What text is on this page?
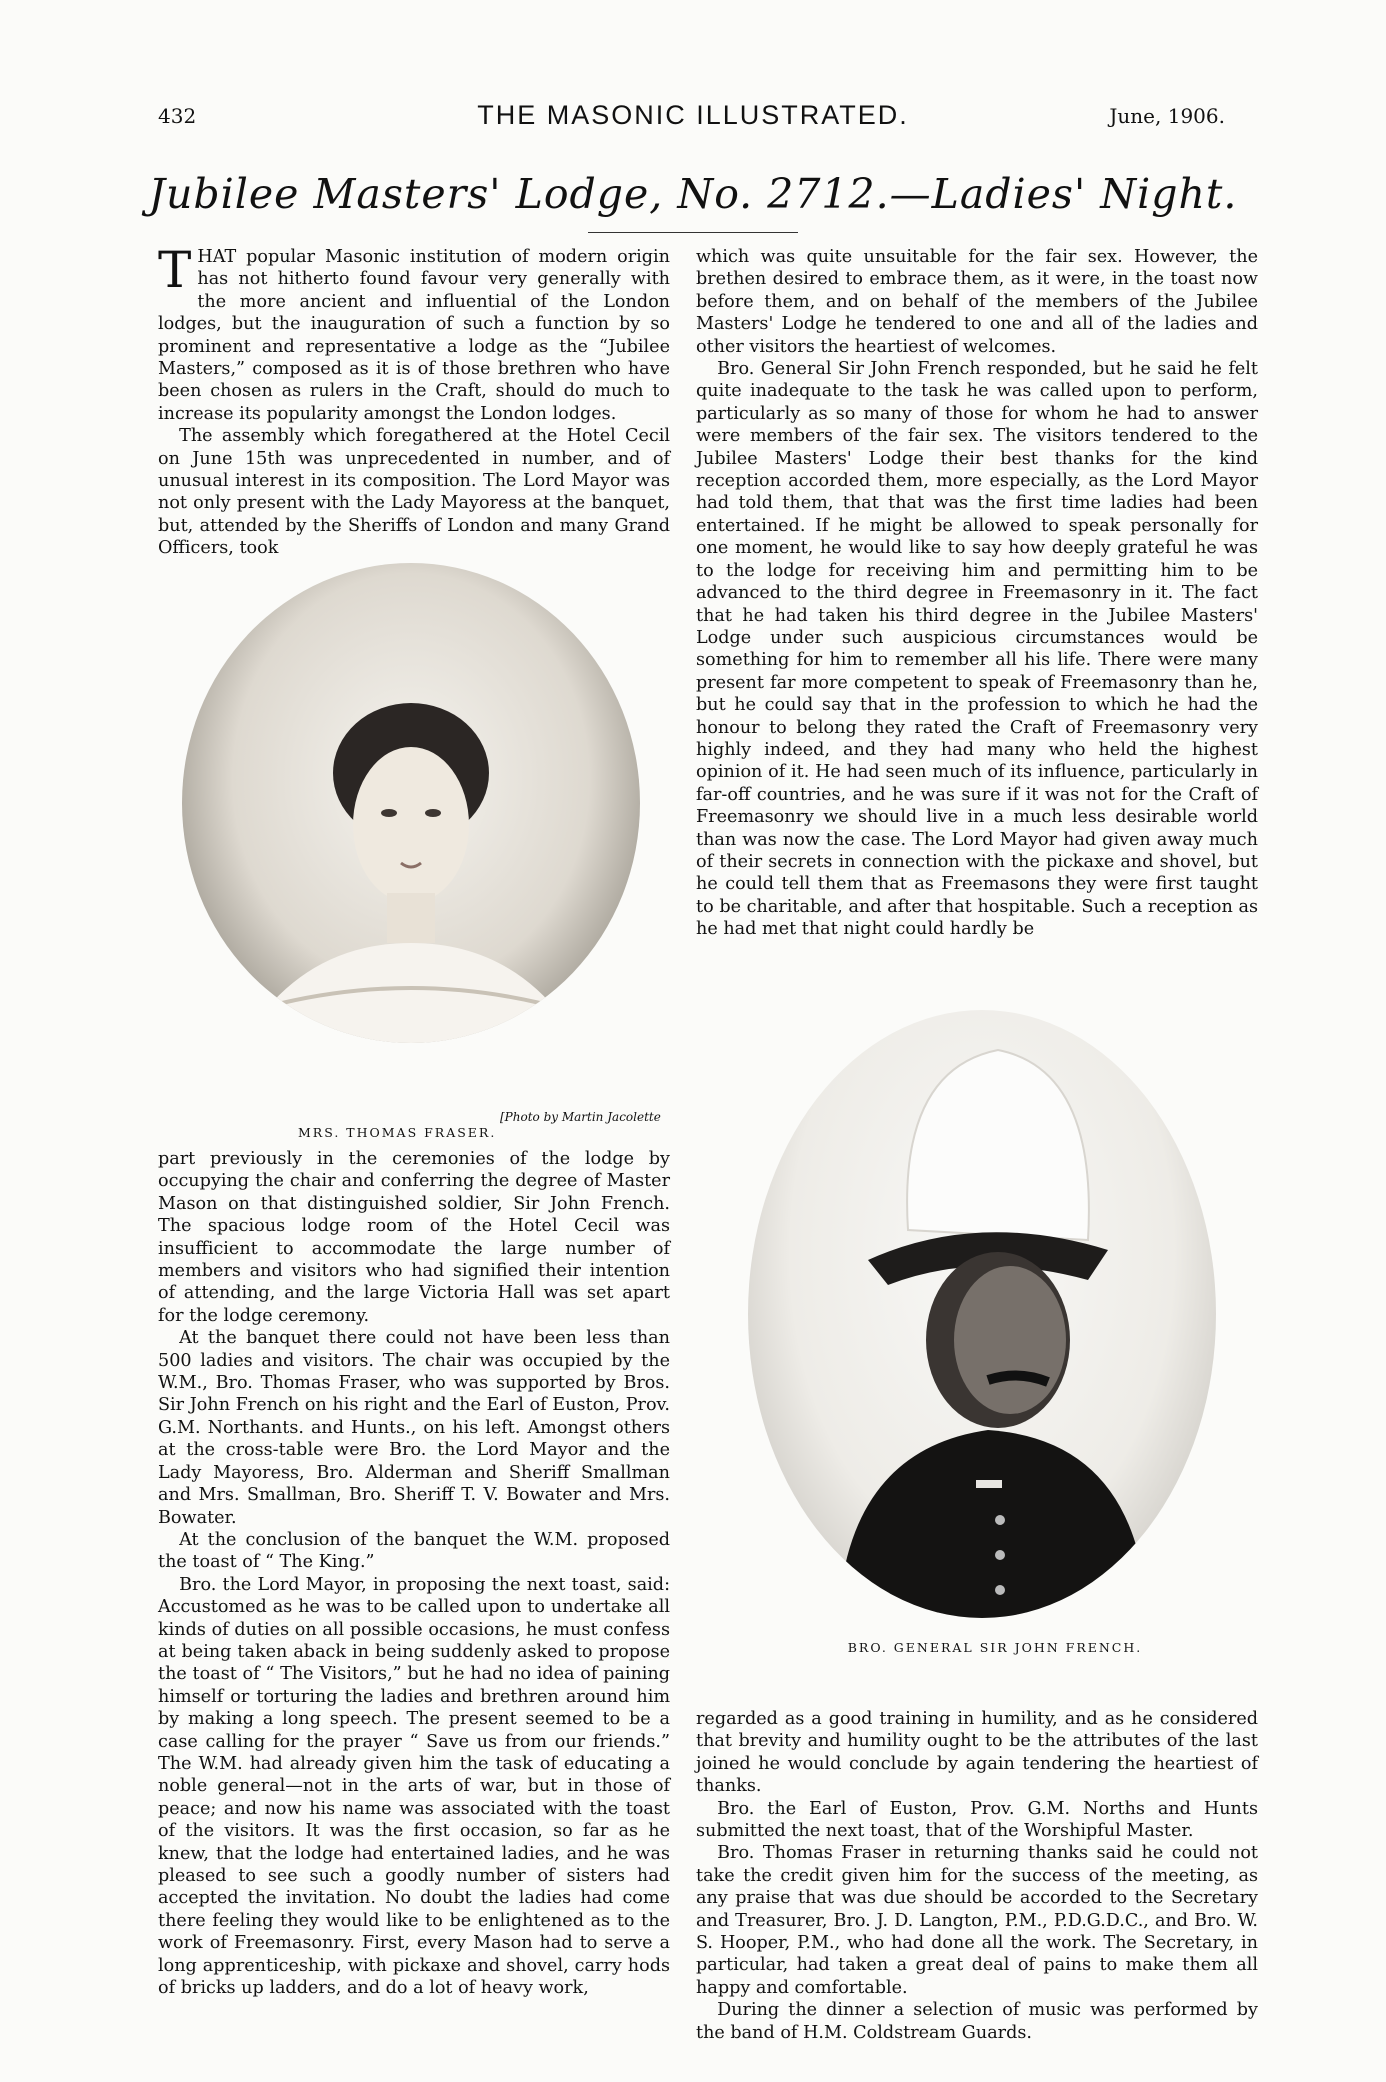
432	THE MASONIC ILLUSTRATED.	June, 1906.
Jubilee Masters' Lodge, No. 2712.—Ladies' Night.

THAT popular Masonic institution of modern origin has not hitherto found favour very generally with the more ancient and influential of the London lodges, but the inauguration of such a function by so prominent and representative a lodge as the “Jubilee Masters,” composed as it is of those brethren who have been chosen as rulers in the Craft, should do much to increase its popularity amongst the London lodges.

The assembly which foregathered at the Hotel Cecil on June 15th was unprecedented in number, and of unusual interest in its composition. The Lord Mayor was not only present with the Lady Mayoress at the banquet, but, attended by the Sheriffs of London and many Grand Officers, took

MRS. THOMAS FRASER.
[Photo by Martin Jacolette

part previously in the ceremonies of the lodge by occupying the chair and conferring the degree of Master Mason on that distinguished soldier, Sir John French. The spacious lodge room of the Hotel Cecil was insufficient to accommodate the large number of members and visitors who had signified their intention of attending, and the large Victoria Hall was set apart for the lodge ceremony.

At the banquet there could not have been less than 500 ladies and visitors. The chair was occupied by the W.M., Bro. Thomas Fraser, who was supported by Bros. Sir John French on his right and the Earl of Euston, Prov. G.M. Northants. and Hunts., on his left. Amongst others at the cross-table were Bro. the Lord Mayor and the Lady Mayoress, Bro. Alderman and Sheriff Smallman and Mrs. Smallman, Bro. Sheriff T. V. Bowater and Mrs. Bowater.

At the conclusion of the banquet the W.M. proposed the toast of “ The King.”

Bro. the Lord Mayor, in proposing the next toast, said: Accustomed as he was to be called upon to undertake all kinds of duties on all possible occasions, he must confess at being taken aback in being suddenly asked to propose the toast of “ The Visitors,” but he had no idea of paining himself or torturing the ladies and brethren around him by making a long speech. The present seemed to be a case calling for the prayer “ Save us from our friends.” The W.M. had already given him the task of educating a noble general—not in the arts of war, but in those of peace; and now his name was associated with the toast of the visitors. It was the first occasion, so far as he knew, that the lodge had entertained ladies, and he was pleased to see such a goodly number of sisters had accepted the invitation. No doubt the ladies had come there feeling they would like to be enlightened as to the work of Freemasonry. First, every Mason had to serve a long apprenticeship, with pickaxe and shovel, carry hods of bricks up ladders, and do a lot of heavy work,

which was quite unsuitable for the fair sex. However, the brethen desired to embrace them, as it were, in the toast now before them, and on behalf of the members of the Jubilee Masters' Lodge he tendered to one and all of the ladies and other visitors the heartiest of welcomes.

Bro. General Sir John French responded, but he said he felt quite inadequate to the task he was called upon to perform, particularly as so many of those for whom he had to answer were members of the fair sex. The visitors tendered to the Jubilee Masters' Lodge their best thanks for the kind reception accorded them, more especially, as the Lord Mayor had told them, that that was the first time ladies had been entertained. If he might be allowed to speak personally for one moment, he would like to say how deeply grateful he was to the lodge for receiving him and permitting him to be advanced to the third degree in Freemasonry in it. The fact that he had taken his third degree in the Jubilee Masters' Lodge under such auspicious circumstances would be something for him to remember all his life. There were many present far more competent to speak of Freemasonry than he, but he could say that in the profession to which he had the honour to belong they rated the Craft of Freemasonry very highly indeed, and they had many who held the highest opinion of it. He had seen much of its influence, particularly in far-off countries, and he was sure if it was not for the Craft of Freemasonry we should live in a much less desirable world than was now the case. The Lord Mayor had given away much of their secrets in connection with the pickaxe and shovel, but he could tell them that as Freemasons they were first taught to be charitable, and after that hospitable. Such a reception as he had met that night could hardly be

BRO. GENERAL SIR JOHN FRENCH.

regarded as a good training in humility, and as he considered that brevity and humility ought to be the attributes of the last joined he would conclude by again tendering the heartiest of thanks.

Bro. the Earl of Euston, Prov. G.M. Norths and Hunts submitted the next toast, that of the Worshipful Master.

Bro. Thomas Fraser in returning thanks said he could not take the credit given him for the success of the meeting, as any praise that was due should be accorded to the Secretary and Treasurer, Bro. J. D. Langton, P.M., P.D.G.D.C., and Bro. W. S. Hooper, P.M., who had done all the work. The Secretary, in particular, had taken a great deal of pains to make them all happy and comfortable.

During the dinner a selection of music was performed by the band of H.M. Coldstream Guards.
